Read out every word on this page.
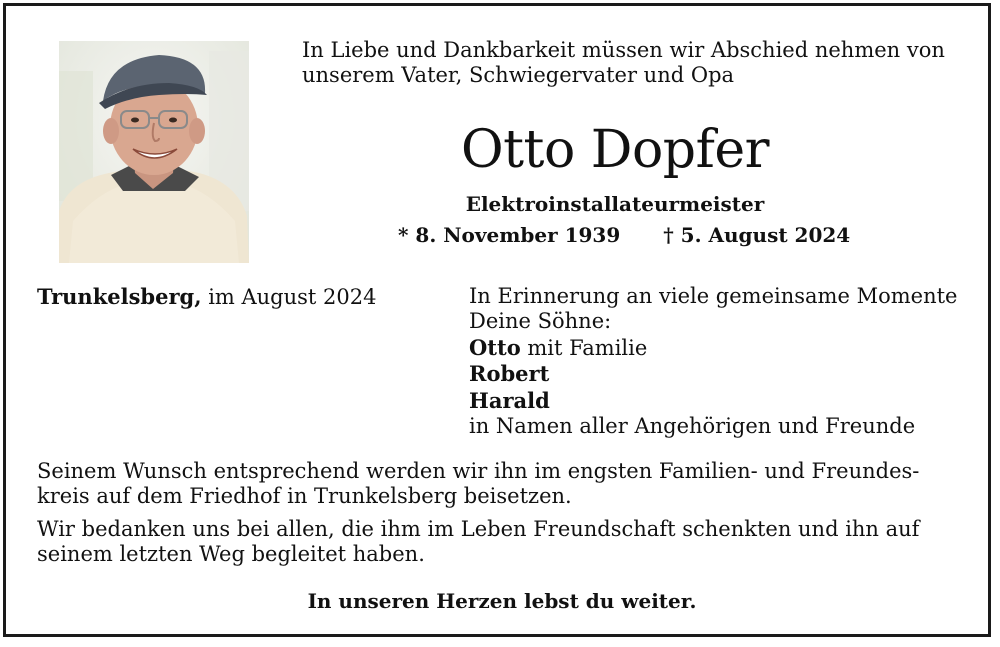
In Liebe und Dankbarkeit müssen wir Abschied nehmen von

unserem Vater, Schwiegervater und Opa

Otto Dopfer

Elektroinstallateurmeister

* 8. November 1939 † 5. August 2024
Trunkelsberg, im August 2024	In Erinnerung an viele gemeinsame Momente
Deine Söhne:
Otto mit Familie
Robert
Harald
in Namen aller Angehörigen und Freunde

Seinem Wunsch entsprechend werden wir ihn im engsten Familien- und Freundes-
kreis auf dem Friedhof in Trunkelsberg beisetzen.

Wir bedanken uns bei allen, die ihm im Leben Freundschaft schenkten und ihn auf
seinem letzten Weg begleitet haben.

In unseren Herzen lebst du weiter.
